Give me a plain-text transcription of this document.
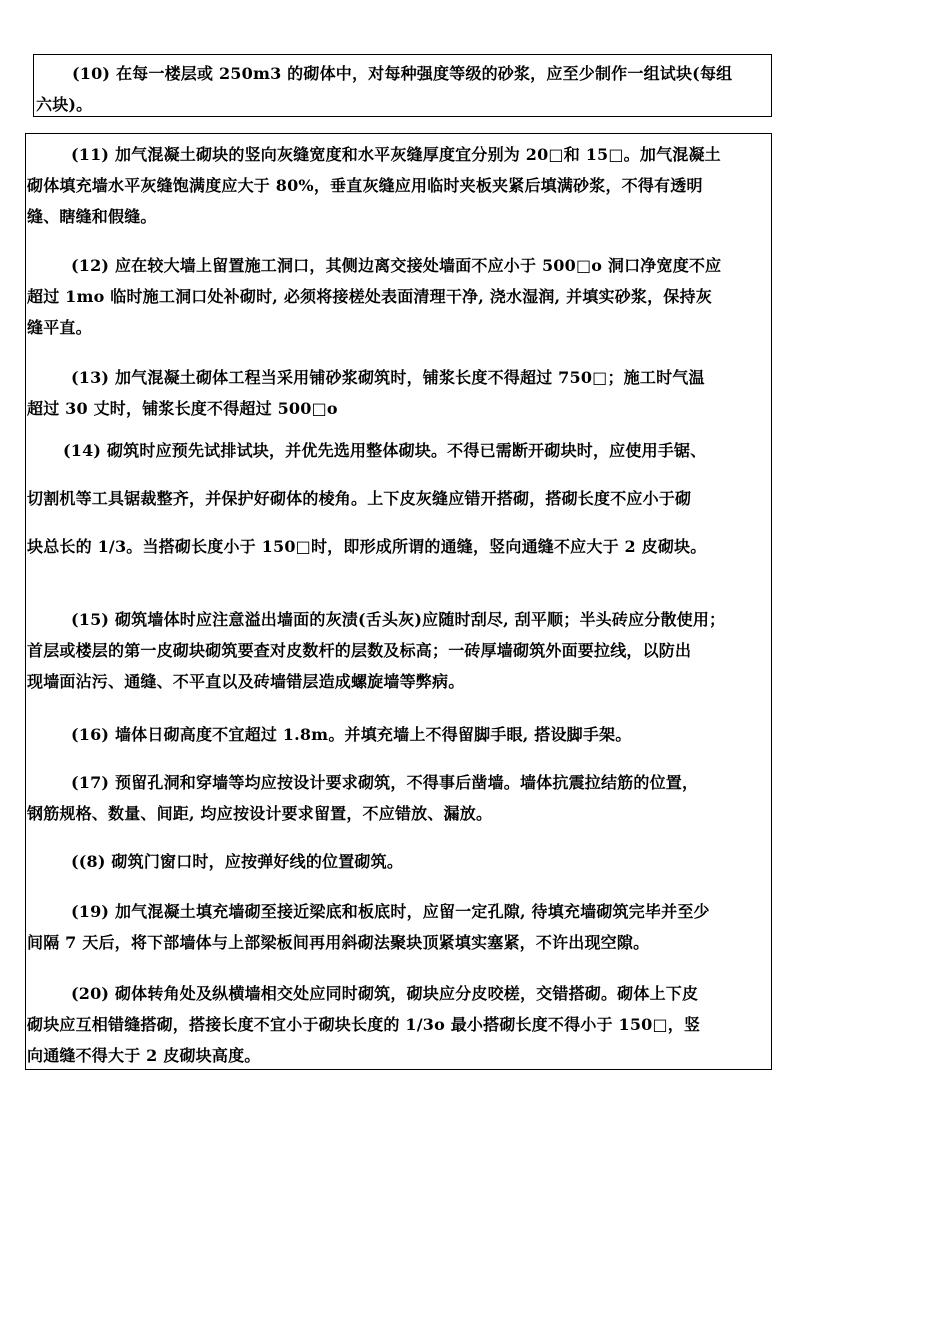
(10) 在每一楼层或 250m3 的砌体中，对每种强度等级的砂浆，应至少制作一组试块(每组
六块)。
(11) 加气混凝土砌块的竖向灰缝宽度和水平灰缝厚度宜分别为 20□和 15□。加气混凝土
砌体填充墙水平灰缝饱满度应大于 80%，垂直灰缝应用临时夹板夹紧后填满砂浆，不得有透明
缝、瞎缝和假缝。
(12) 应在较大墙上留置施工洞口，其侧边离交接处墙面不应小于 500□o 洞口净宽度不应
超过 1mo 临时施工洞口处补砌时, 必须将接槎处表面清理干净, 浇水湿润, 并填实砂浆，保持灰
缝平直。
(13) 加气混凝土砌体工程当采用铺砂浆砌筑时，铺浆长度不得超过 750□；施工时气温
超过 30 丈时，铺浆长度不得超过 500□o
(14) 砌筑时应预先试排试块，并优先选用整体砌块。不得已需断开砌块时，应使用手锯、
切割机等工具锯裁整齐，并保护好砌体的棱角。上下皮灰缝应错开搭砌，搭砌长度不应小于砌
块总长的 1/3。当搭砌长度小于 150□时，即形成所谓的通缝，竖向通缝不应大于 2 皮砌块。
(15) 砌筑墙体时应注意溢出墙面的灰渍(舌头灰)应随时刮尽, 刮平顺；半头砖应分散使用；
首层或楼层的第一皮砌块砌筑要查对皮数杆的层数及标高；一砖厚墙砌筑外面要拉线，以防出
现墙面沾污、通缝、不平直以及砖墙错层造成螺旋墙等弊病。
(16) 墙体日砌高度不宜超过 1.8m。并填充墙上不得留脚手眼, 搭设脚手架。
(17) 预留孔洞和穿墙等均应按设计要求砌筑，不得事后凿墙。墙体抗震拉结筋的位置，
钢筋规格、数量、间距, 均应按设计要求留置，不应错放、漏放。
((8) 砌筑门窗口时，应按弹好线的位置砌筑。
(19) 加气混凝土填充墙砌至接近梁底和板底时，应留一定孔隙, 待填充墙砌筑完毕并至少
间隔 7 天后，将下部墙体与上部梁板间再用斜砌法聚块顶紧填实塞紧，不许出现空隙。
(20) 砌体转角处及纵横墙相交处应同时砌筑，砌块应分皮咬槎，交错搭砌。砌体上下皮
砌块应互相错缝搭砌，搭接长度不宜小于砌块长度的 1/3o 最小搭砌长度不得小于 150□，竖
向通缝不得大于 2 皮砌块高度。
